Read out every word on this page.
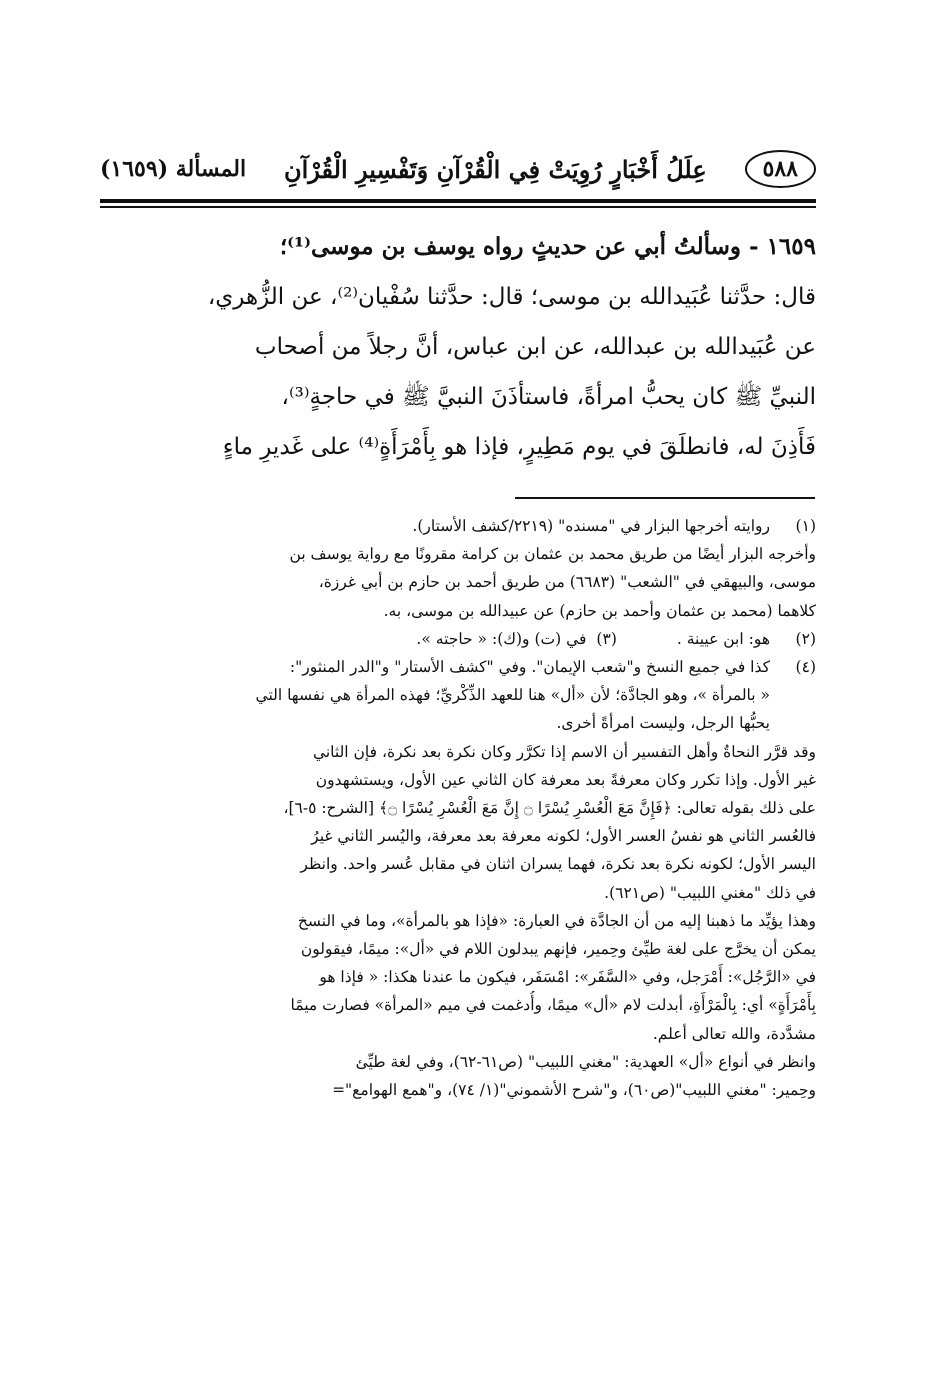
٥٨٨
عِلَلُ أَخْبَارٍ رُوِيَتْ فِي الْقُرْآنِ وَتَفْسِيرِ الْقُرْآنِ
المسألة (١٦٥٩)
١٦٥٩ - وسألتُ أبي عن حديثٍ رواه يوسف بن موسى⁽¹⁾؛
قال: حدَّثنا عُبَيدالله بن موسى؛ قال: حدَّثنا سُفْيان⁽²⁾، عن الزُّهري،
عن عُبَيدالله بن عبدالله، عن ابن عباس، أنَّ رجلاً من أصحاب
النبيِّ ﷺ كان يحبُّ امرأةً، فاستأذَنَ النبيَّ ﷺ في حاجةٍ⁽³⁾،
فَأَذِنَ له، فانطلَقَ في يوم مَطِيرٍ، فإذا هو بِأَمْرَأَةٍ⁽⁴⁾ على غَديرِ ماءٍ
(١)
روايته أخرجها البزار في "مسنده" (٢٢١٩/كشف الأستار).
وأخرجه البزار أيضًا من طريق محمد بن عثمان بن كرامة مقرونًا مع رواية يوسف بن
موسى، والبيهقي في "الشعب" (٦٦٨٣) من طريق أحمد بن حازم بن أبي غرزة،
كلاهما (محمد بن عثمان وأحمد بن حازم) عن عبيدالله بن موسى، به.
(٢)
هو: ابن عيينة .
(٣)
في (ت) و(ك): « حاجته ».
(٤)
كذا في جميع النسخ و"شعب الإيمان". وفي "كشف الأستار" و"الدر المنثور":
« بالمرأة »، وهو الجادَّة؛ لأن «أل» هنا للعهد الذِّكْريِّ؛ فهذه المرأة هي نفسها التي
يحبُّها الرجل، وليست امرأةً أخرى.
وقد قرَّر النحاةُ وأهل التفسير أن الاسم إذا تكرَّر وكان نكرة بعد نكرة، فإن الثاني
غير الأول. وإذا تكرر وكان معرفةً بعد معرفة كان الثاني عين الأول، ويستشهدون
على ذلك بقوله تعالى: ﴿فَإِنَّ مَعَ الْعُسْرِ يُسْرًا ۝ إِنَّ مَعَ الْعُسْرِ يُسْرًا ۝﴾ [الشرح: ٥-٦]،
فالعُسر الثاني هو نفسُ العسر الأول؛ لكونه معرفة بعد معرفة، واليُسر الثاني غيرُ
اليسر الأول؛ لكونه نكرة بعد نكرة، فهما يسران اثنان في مقابل عُسر واحد. وانظر
في ذلك "مغني اللبيب" (ص٦٢١).
وهذا يؤيِّد ما ذهبنا إليه من أن الجادَّة في العبارة: «فإذا هو بالمرأة»، وما في النسخ
يمكن أن يخرَّج على لغة طيِّئ وحِمير، فإنهم يبدلون اللام في «أل»: ميمًا، فيقولون
في «الرَّجُل»: أَمْرَجل، وفي «السَّفَر»: امْسَفَر، فيكون ما عندنا هكذا: « فإذا هو
بِأَمْرَأَةٍ» أي: بِالْمَرْأَةِ، أبدلت لام «أل» ميمًا، وأُدغمت في ميم «المرأة» فصارت ميمًا
مشدَّدة، والله تعالى أعلم.
وانظر في أنواع «أل» العهدية: "مغني اللبيب" (ص٦١-٦٢)، وفي لغة طيِّئ
وحِمير: "مغني اللبيب"(ص٦٠)، و"شرح الأشموني"(١/ ٧٤)، و"همع الهوامع"=
